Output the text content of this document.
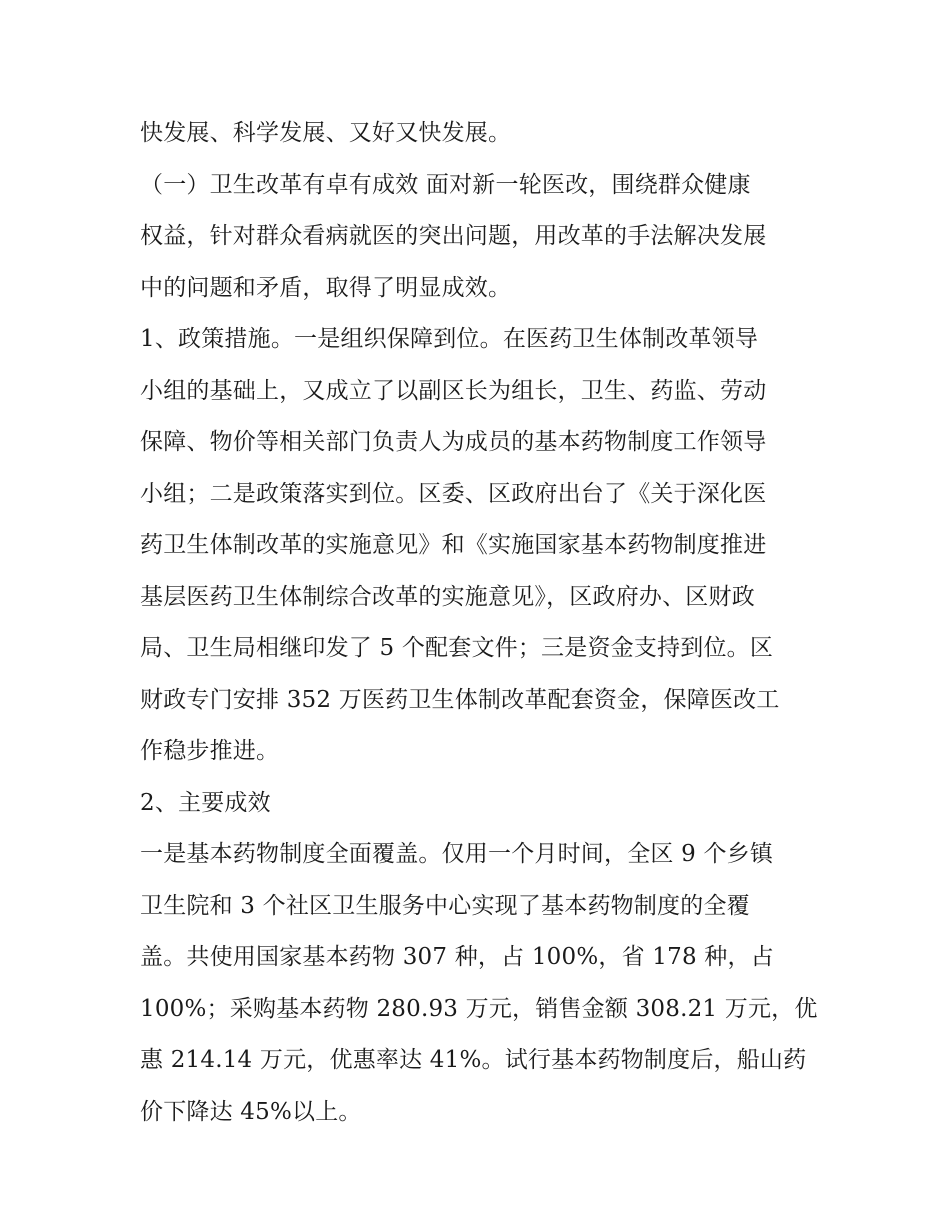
快发展、科学发展、又好又快发展。
（一）卫生改革有卓有成效 面对新一轮医改，围绕群众健康
权益，针对群众看病就医的突出问题，用改革的手法解决发展
中的问题和矛盾，取得了明显成效。
1、政策措施。一是组织保障到位。在医药卫生体制改革领导
小组的基础上，又成立了以副区长为组长，卫生、药监、劳动
保障、物价等相关部门负责人为成员的基本药物制度工作领导
小组；二是政策落实到位。区委、区政府出台了《关于深化医
药卫生体制改革的实施意见》和《实施国家基本药物制度推进
基层医药卫生体制综合改革的实施意见》，区政府办、区财政
局、卫生局相继印发了 5 个配套文件；三是资金支持到位。区
财政专门安排 352 万医药卫生体制改革配套资金，保障医改工
作稳步推进。
2、主要成效
一是基本药物制度全面覆盖。仅用一个月时间，全区 9 个乡镇
卫生院和 3 个社区卫生服务中心实现了基本药物制度的全覆
盖。共使用国家基本药物 307 种，占 100%，省 178 种，占
100%；采购基本药物 280.93 万元，销售金额 308.21 万元，优
惠 214.14 万元，优惠率达 41%。试行基本药物制度后，船山药
价下降达 45%以上。
